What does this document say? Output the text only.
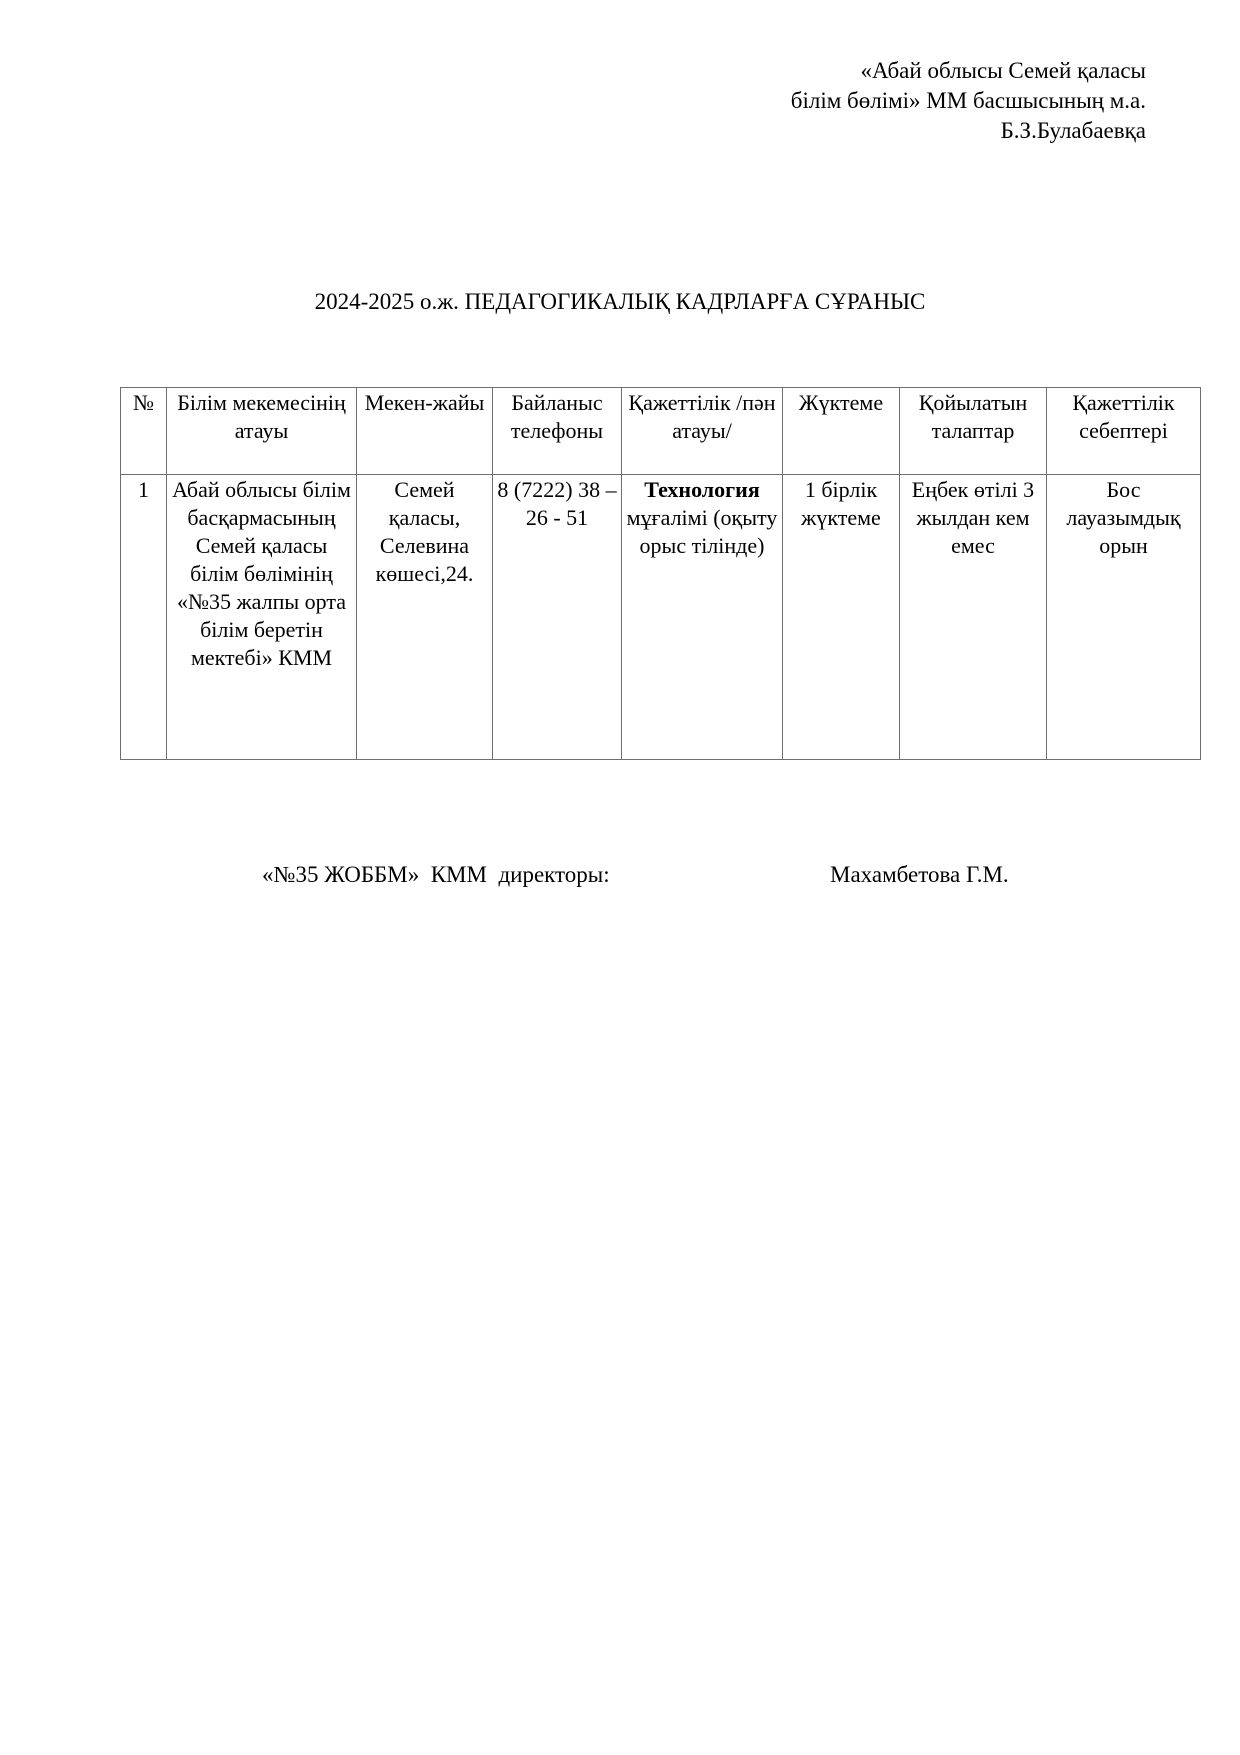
«Абай облысы Семей қаласы
білім бөлімі» ММ басшысының м.а.
Б.З.Булабаевқа
2024-2025 о.ж. ПЕДАГОГИКАЛЫҚ КАДРЛАРҒА СҰРАНЫС
№	Білім мекемесінің атауы	Мекен-жайы	Байланыс телефоны	Қажеттілік /пән атауы/	Жүктеме	Қойылатын талаптар	Қажеттілік себептері
1	Абай облысы білім басқармасының Семей қаласы білім бөлімінің «№35 жалпы орта білім беретін мектебі» КММ	Семей қаласы, Селевина көшесі,24.	8 (7222) 38 – 26 - 51	Технология мұғалімі (оқыту орыс тілінде)	1 бірлік жүктеме	Еңбек өтілі 3 жылдан кем емес	Бос лауазымдық орын
«№35 ЖОББМ»  КММ  директоры:	Махамбетова Г.М.
